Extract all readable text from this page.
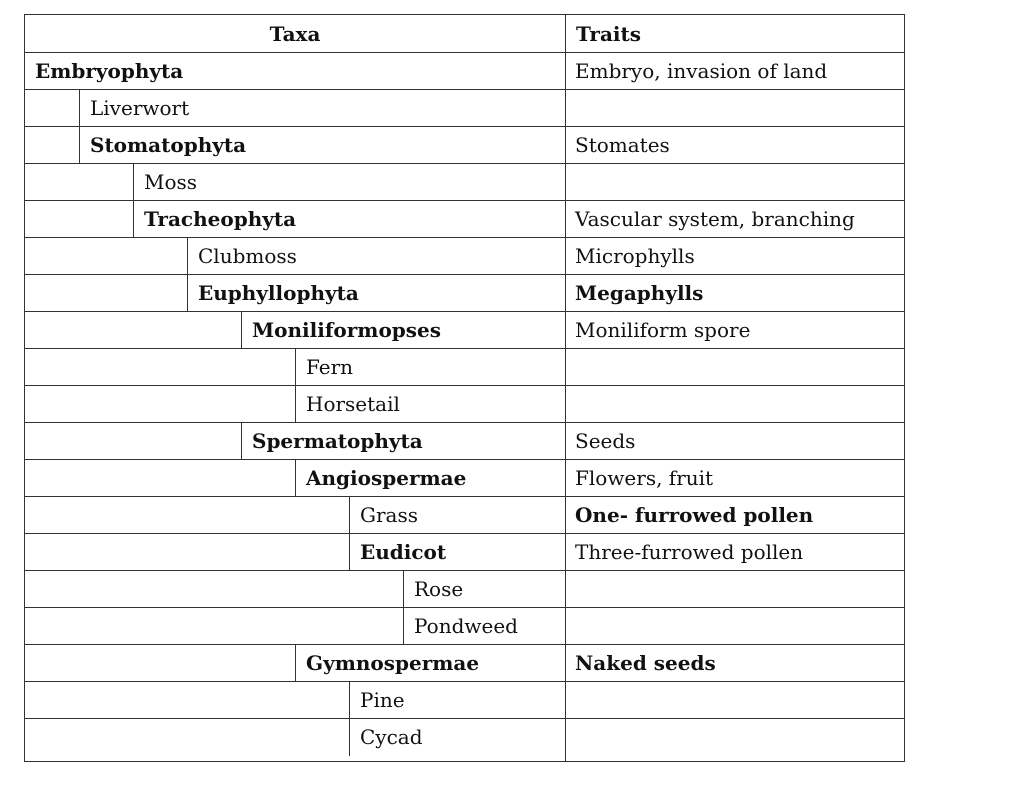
Taxa	Traits
Embryophyta	Embryo, invasion of land
Liverwort
Stomatophyta	Stomates
Moss
Tracheophyta	Vascular system, branching
Clubmoss	Microphylls
Euphyllophyta	Megaphylls
Moniliformopses	Moniliform spore
Fern
Horsetail
Spermatophyta	Seeds
Angiospermae	Flowers, fruit
Grass	One- furrowed pollen
Eudicot	Three-furrowed pollen
Rose
Pondweed
Gymnospermae	Naked seeds
Pine
Cycad
